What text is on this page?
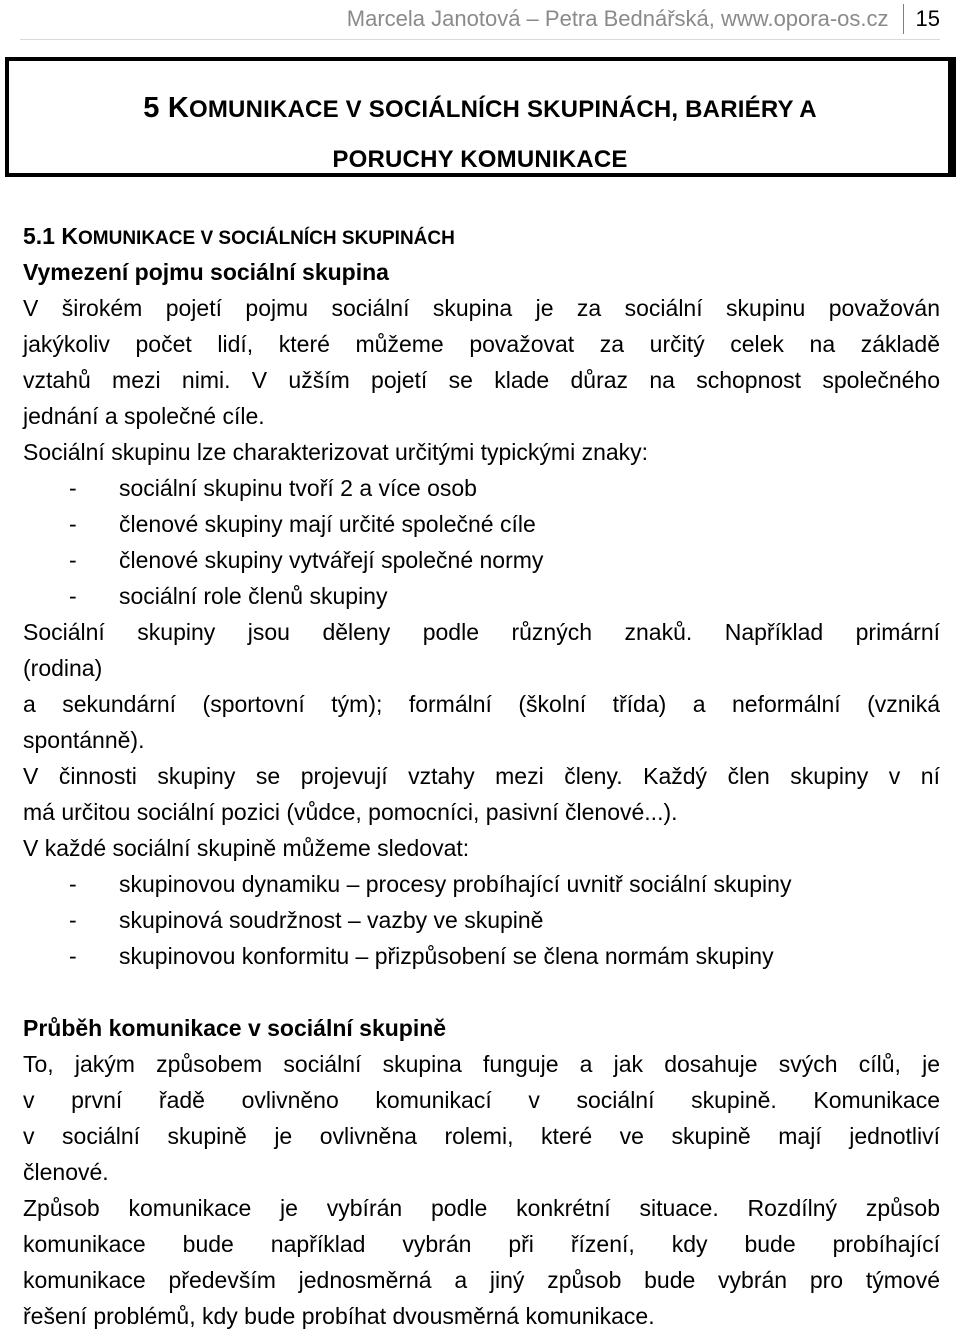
Marcela Janotová – Petra Bednářská, www.opora-os.cz 15
5 KOMUNIKACE V SOCIÁLNÍCH SKUPINÁCH, BARIÉRY A
PORUCHY KOMUNIKACE
5.1 KOMUNIKACE V SOCIÁLNÍCH SKUPINÁCH
Vymezení pojmu sociální skupina
V širokém pojetí pojmu sociální skupina je za sociální skupinu považován
jakýkoliv počet lidí, které můžeme považovat za určitý celek na základě
vztahů mezi nimi. V užším pojetí se klade důraz na schopnost společného
jednání a společné cíle.
Sociální skupinu lze charakterizovat určitými typickými znaky:
- sociální skupinu tvoří 2 a více osob
- členové skupiny mají určité společné cíle
- členové skupiny vytvářejí společné normy
- sociální role členů skupiny
Sociální skupiny jsou děleny podle různých znaků. Například primární
(rodina)
a sekundární (sportovní tým); formální (školní třída) a neformální (vzniká
spontánně).
V činnosti skupiny se projevují vztahy mezi členy. Každý člen skupiny v ní
má určitou sociální pozici (vůdce, pomocníci, pasivní členové...).
V každé sociální skupině můžeme sledovat:
- skupinovou dynamiku – procesy probíhající uvnitř sociální skupiny
- skupinová soudržnost – vazby ve skupině
- skupinovou konformitu – přizpůsobení se člena normám skupiny
Průběh komunikace v sociální skupině
To, jakým způsobem sociální skupina funguje a jak dosahuje svých cílů, je
v první řadě ovlivněno komunikací v sociální skupině. Komunikace
v sociální skupině je ovlivněna rolemi, které ve skupině mají jednotliví
členové.
Způsob komunikace je vybírán podle konkrétní situace. Rozdílný způsob
komunikace bude například vybrán při řízení, kdy bude probíhající
komunikace především jednosměrná a jiný způsob bude vybrán pro týmové
řešení problémů, kdy bude probíhat dvousměrná komunikace.
